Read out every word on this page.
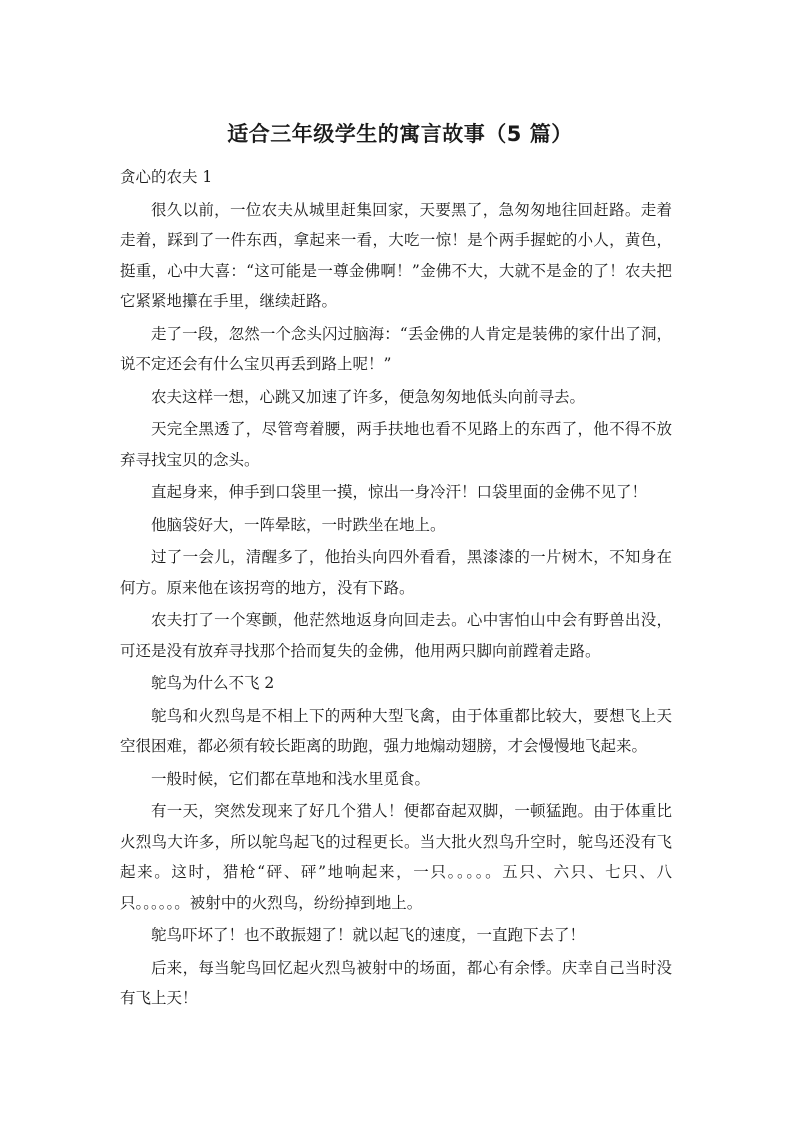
适合三年级学生的寓言故事（5 篇）

贪心的农夫 1

很久以前，一位农夫从城里赶集回家，天要黑了，急匆匆地往回赶路。走着走着，踩到了一件东西，拿起来一看，大吃一惊！是个两手握蛇的小人，黄色，挺重，心中大喜：“这可能是一尊金佛啊！”金佛不大，大就不是金的了！农夫把它紧紧地攥在手里，继续赶路。

走了一段，忽然一个念头闪过脑海：“丢金佛的人肯定是装佛的家什出了洞，说不定还会有什么宝贝再丢到路上呢！”

农夫这样一想，心跳又加速了许多，便急匆匆地低头向前寻去。

天完全黑透了，尽管弯着腰，两手扶地也看不见路上的东西了，他不得不放弃寻找宝贝的念头。

直起身来，伸手到口袋里一摸，惊出一身冷汗！口袋里面的金佛不见了！

他脑袋好大，一阵晕眩，一时跌坐在地上。

过了一会儿，清醒多了，他抬头向四外看看，黑漆漆的一片树木，不知身在何方。原来他在该拐弯的地方，没有下路。

农夫打了一个寒颤，他茫然地返身向回走去。心中害怕山中会有野兽出没，可还是没有放弃寻找那个拾而复失的金佛，他用两只脚向前蹚着走路。

鸵鸟为什么不飞 2

鸵鸟和火烈鸟是不相上下的两种大型飞禽，由于体重都比较大，要想飞上天空很困难，都必须有较长距离的助跑，强力地煽动翅膀，才会慢慢地飞起来。

一般时候，它们都在草地和浅水里觅食。

有一天，突然发现来了好几个猎人！便都奋起双脚，一顿猛跑。由于体重比火烈鸟大许多，所以鸵鸟起飞的过程更长。当大批火烈鸟升空时，鸵鸟还没有飞起来。这时，猎枪“砰、砰”地响起来，一只。。。。。五只、六只、七只、八只。。。。。。被射中的火烈鸟，纷纷掉到地上。

鸵鸟吓坏了！也不敢振翅了！就以起飞的速度，一直跑下去了！

后来，每当鸵鸟回忆起火烈鸟被射中的场面，都心有余悸。庆幸自己当时没有飞上天！
